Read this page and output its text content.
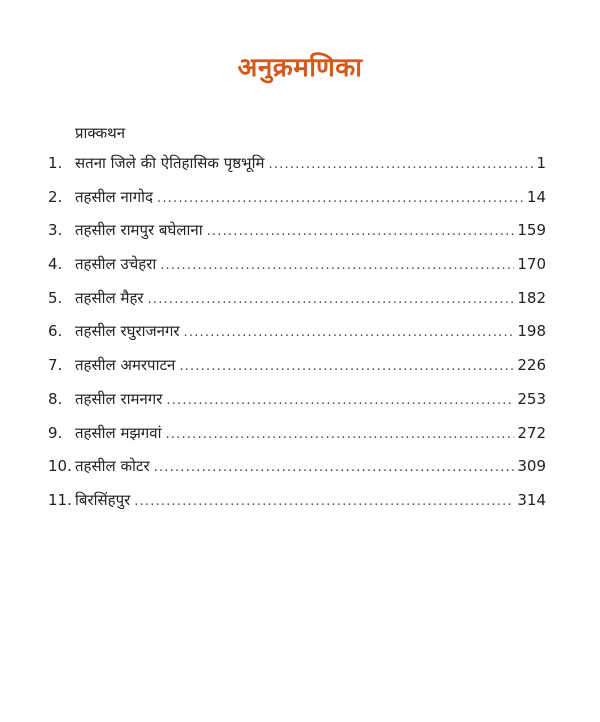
अनुक्रमणिका
प्राक्कथन
1. सतना जिले की ऐतिहासिक पृष्ठभूमि .....	1
2. तहसील नागोद .....	14
3. तहसील रामपुर बघेलाना .....	159
4. तहसील उचेहरा .....	170
5. तहसील मैहर .....	182
6. तहसील रघुराजनगर .....	198
7. तहसील अमरपाटन .....	226
8. तहसील रामनगर .....	253
9. तहसील मझगवां .....	272
10. तहसील कोटर .....	309
11. बिरसिंहपुर .....	314
